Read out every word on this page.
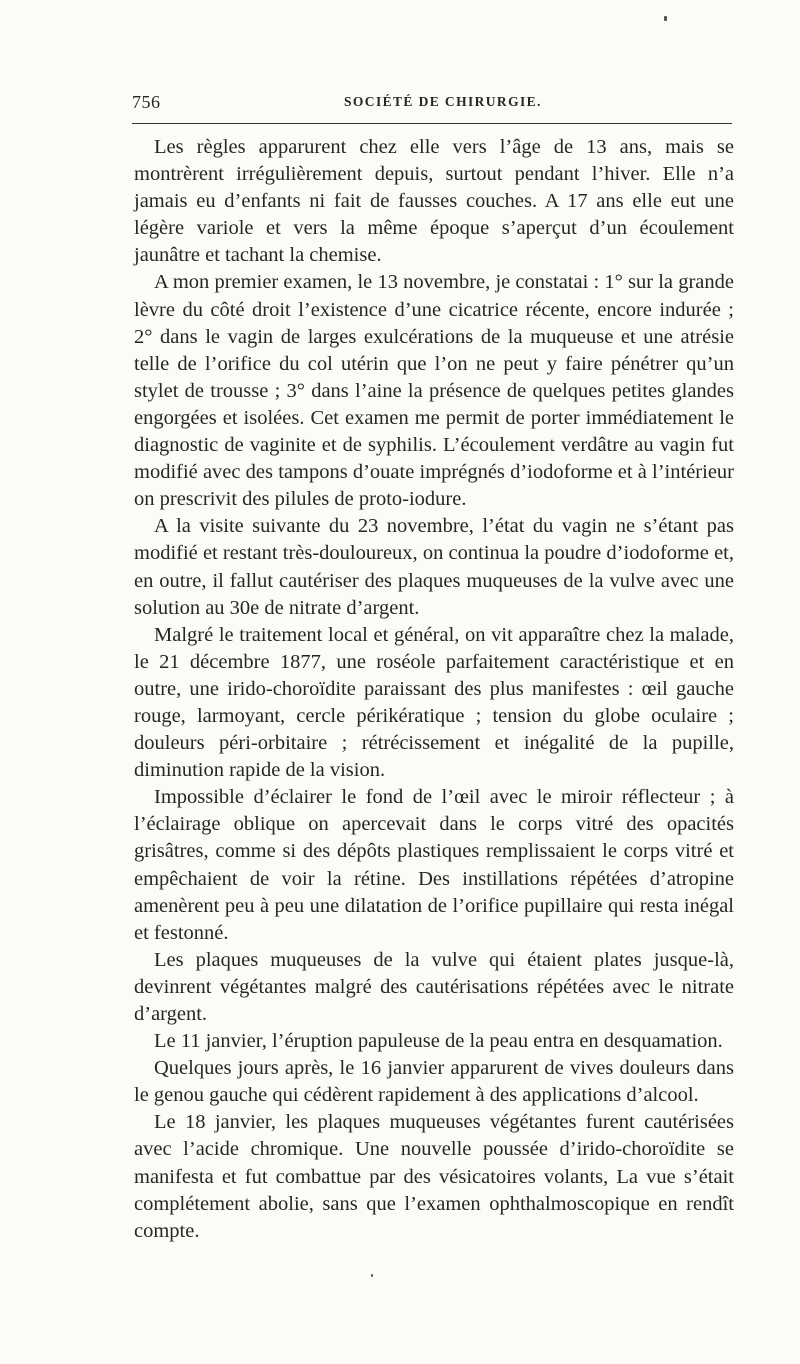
756	SOCIÉTÉ DE CHIRURGIE.

Les règles apparurent chez elle vers l’âge de 13 ans, mais se montrèrent irrégulièrement depuis, surtout pendant l’hiver. Elle n’a jamais eu d’enfants ni fait de fausses couches. A 17 ans elle eut une légère variole et vers la même époque s’aperçut d’un écoulement jaunâtre et tachant la chemise.

A mon premier examen, le 13 novembre, je constatai : 1° sur la grande lèvre du côté droit l’existence d’une cicatrice récente, encore indurée ; 2° dans le vagin de larges exulcérations de la muqueuse et une atrésie telle de l’orifice du col utérin que l’on ne peut y faire pénétrer qu’un stylet de trousse ; 3° dans l’aine la présence de quelques petites glandes engorgées et isolées. Cet examen me permit de porter immédiatement le diagnostic de vaginite et de syphilis. L’écoulement verdâtre au vagin fut modifié avec des tampons d’ouate imprégnés d’iodoforme et à l’intérieur on prescrivit des pilules de proto-iodure.

A la visite suivante du 23 novembre, l’état du vagin ne s’étant pas modifié et restant très-douloureux, on continua la poudre d’iodoforme et, en outre, il fallut cautériser des plaques muqueuses de la vulve avec une solution au 30e de nitrate d’argent.

Malgré le traitement local et général, on vit apparaître chez la malade, le 21 décembre 1877, une roséole parfaitement caractéristique et en outre, une irido-choroïdite paraissant des plus manifestes : œil gauche rouge, larmoyant, cercle périkératique ; tension du globe oculaire ; douleurs péri-orbitaire ; rétrécissement et inégalité de la pupille, diminution rapide de la vision.

Impossible d’éclairer le fond de l’œil avec le miroir réflecteur ; à l’éclairage oblique on apercevait dans le corps vitré des opacités grisâtres, comme si des dépôts plastiques remplissaient le corps vitré et empêchaient de voir la rétine. Des instillations répétées d’atropine amenèrent peu à peu une dilatation de l’orifice pupillaire qui resta inégal et festonné.

Les plaques muqueuses de la vulve qui étaient plates jusque-là, devinrent végétantes malgré des cautérisations répétées avec le nitrate d’argent.

Le 11 janvier, l’éruption papuleuse de la peau entra en desquamation.

Quelques jours après, le 16 janvier apparurent de vives douleurs dans le genou gauche qui cédèrent rapidement à des applications d’alcool.

Le 18 janvier, les plaques muqueuses végétantes furent cautérisées avec l’acide chromique. Une nouvelle poussée d’irido-choroïdite se manifesta et fut combattue par des vésicatoires volants, La vue s’était complétement abolie, sans que l’examen ophthalmoscopique en rendît compte.
